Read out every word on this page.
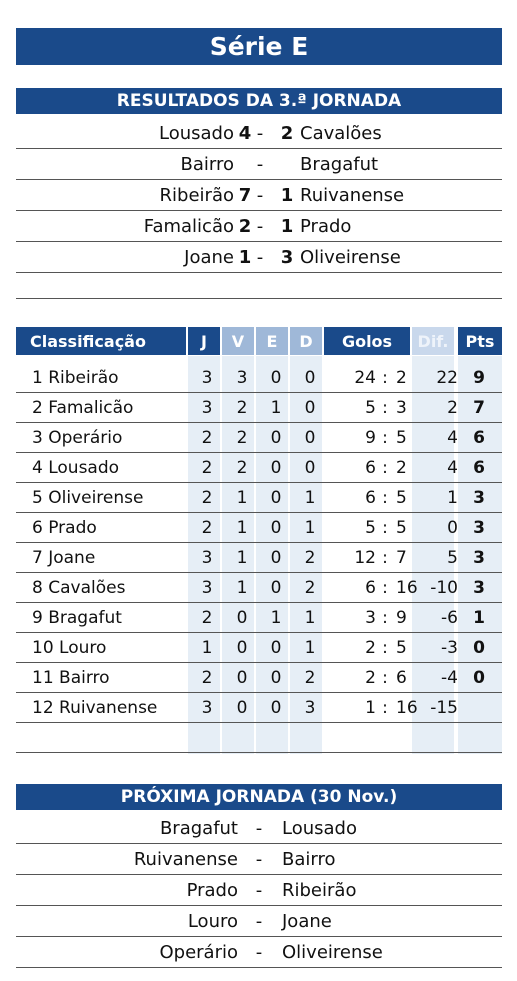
Série E
RESULTADOS DA 3.ª JORNADA
Lousado 4 - 2 Cavalões
Bairro - Bragafut
Ribeirão 7 - 1 Ruivanense
Famalicão 2 - 1 Prado
Joane 1 - 3 Oliveirense
Classificação	J	V	E	D	Golos	Dif.	Pts
1 Ribeirão	3	3	0	0	24 : 2	22 9
2 Famalicão	3	2	1	0	5 : 3	2 7
3 Operário	2	2	0	0	9 : 5	4 6
4 Lousado	2	2	0	0	6 : 2	4 6
5 Oliveirense	2	1	0	1	6 : 5	1 3
6 Prado	2	1	0	1	5 : 5	0 3
7 Joane	3	1	0	2	12 : 7	5 3
8 Cavalões	3	1	0	2	6 : 16 -10 3
9 Bragafut	2	0	1	1	3 : 9	-6 1
10 Louro	1	0	0	1	2 : 5	-3 0
11 Bairro	2	0	0	2	2 : 6	-4 0
12 Ruivanense	3	0	0	3	1 : 16 -15
PRÓXIMA JORNADA (30 Nov.)
Bragafut - Lousado
Ruivanense - Bairro
Prado - Ribeirão
Louro - Joane
Operário - Oliveirense
